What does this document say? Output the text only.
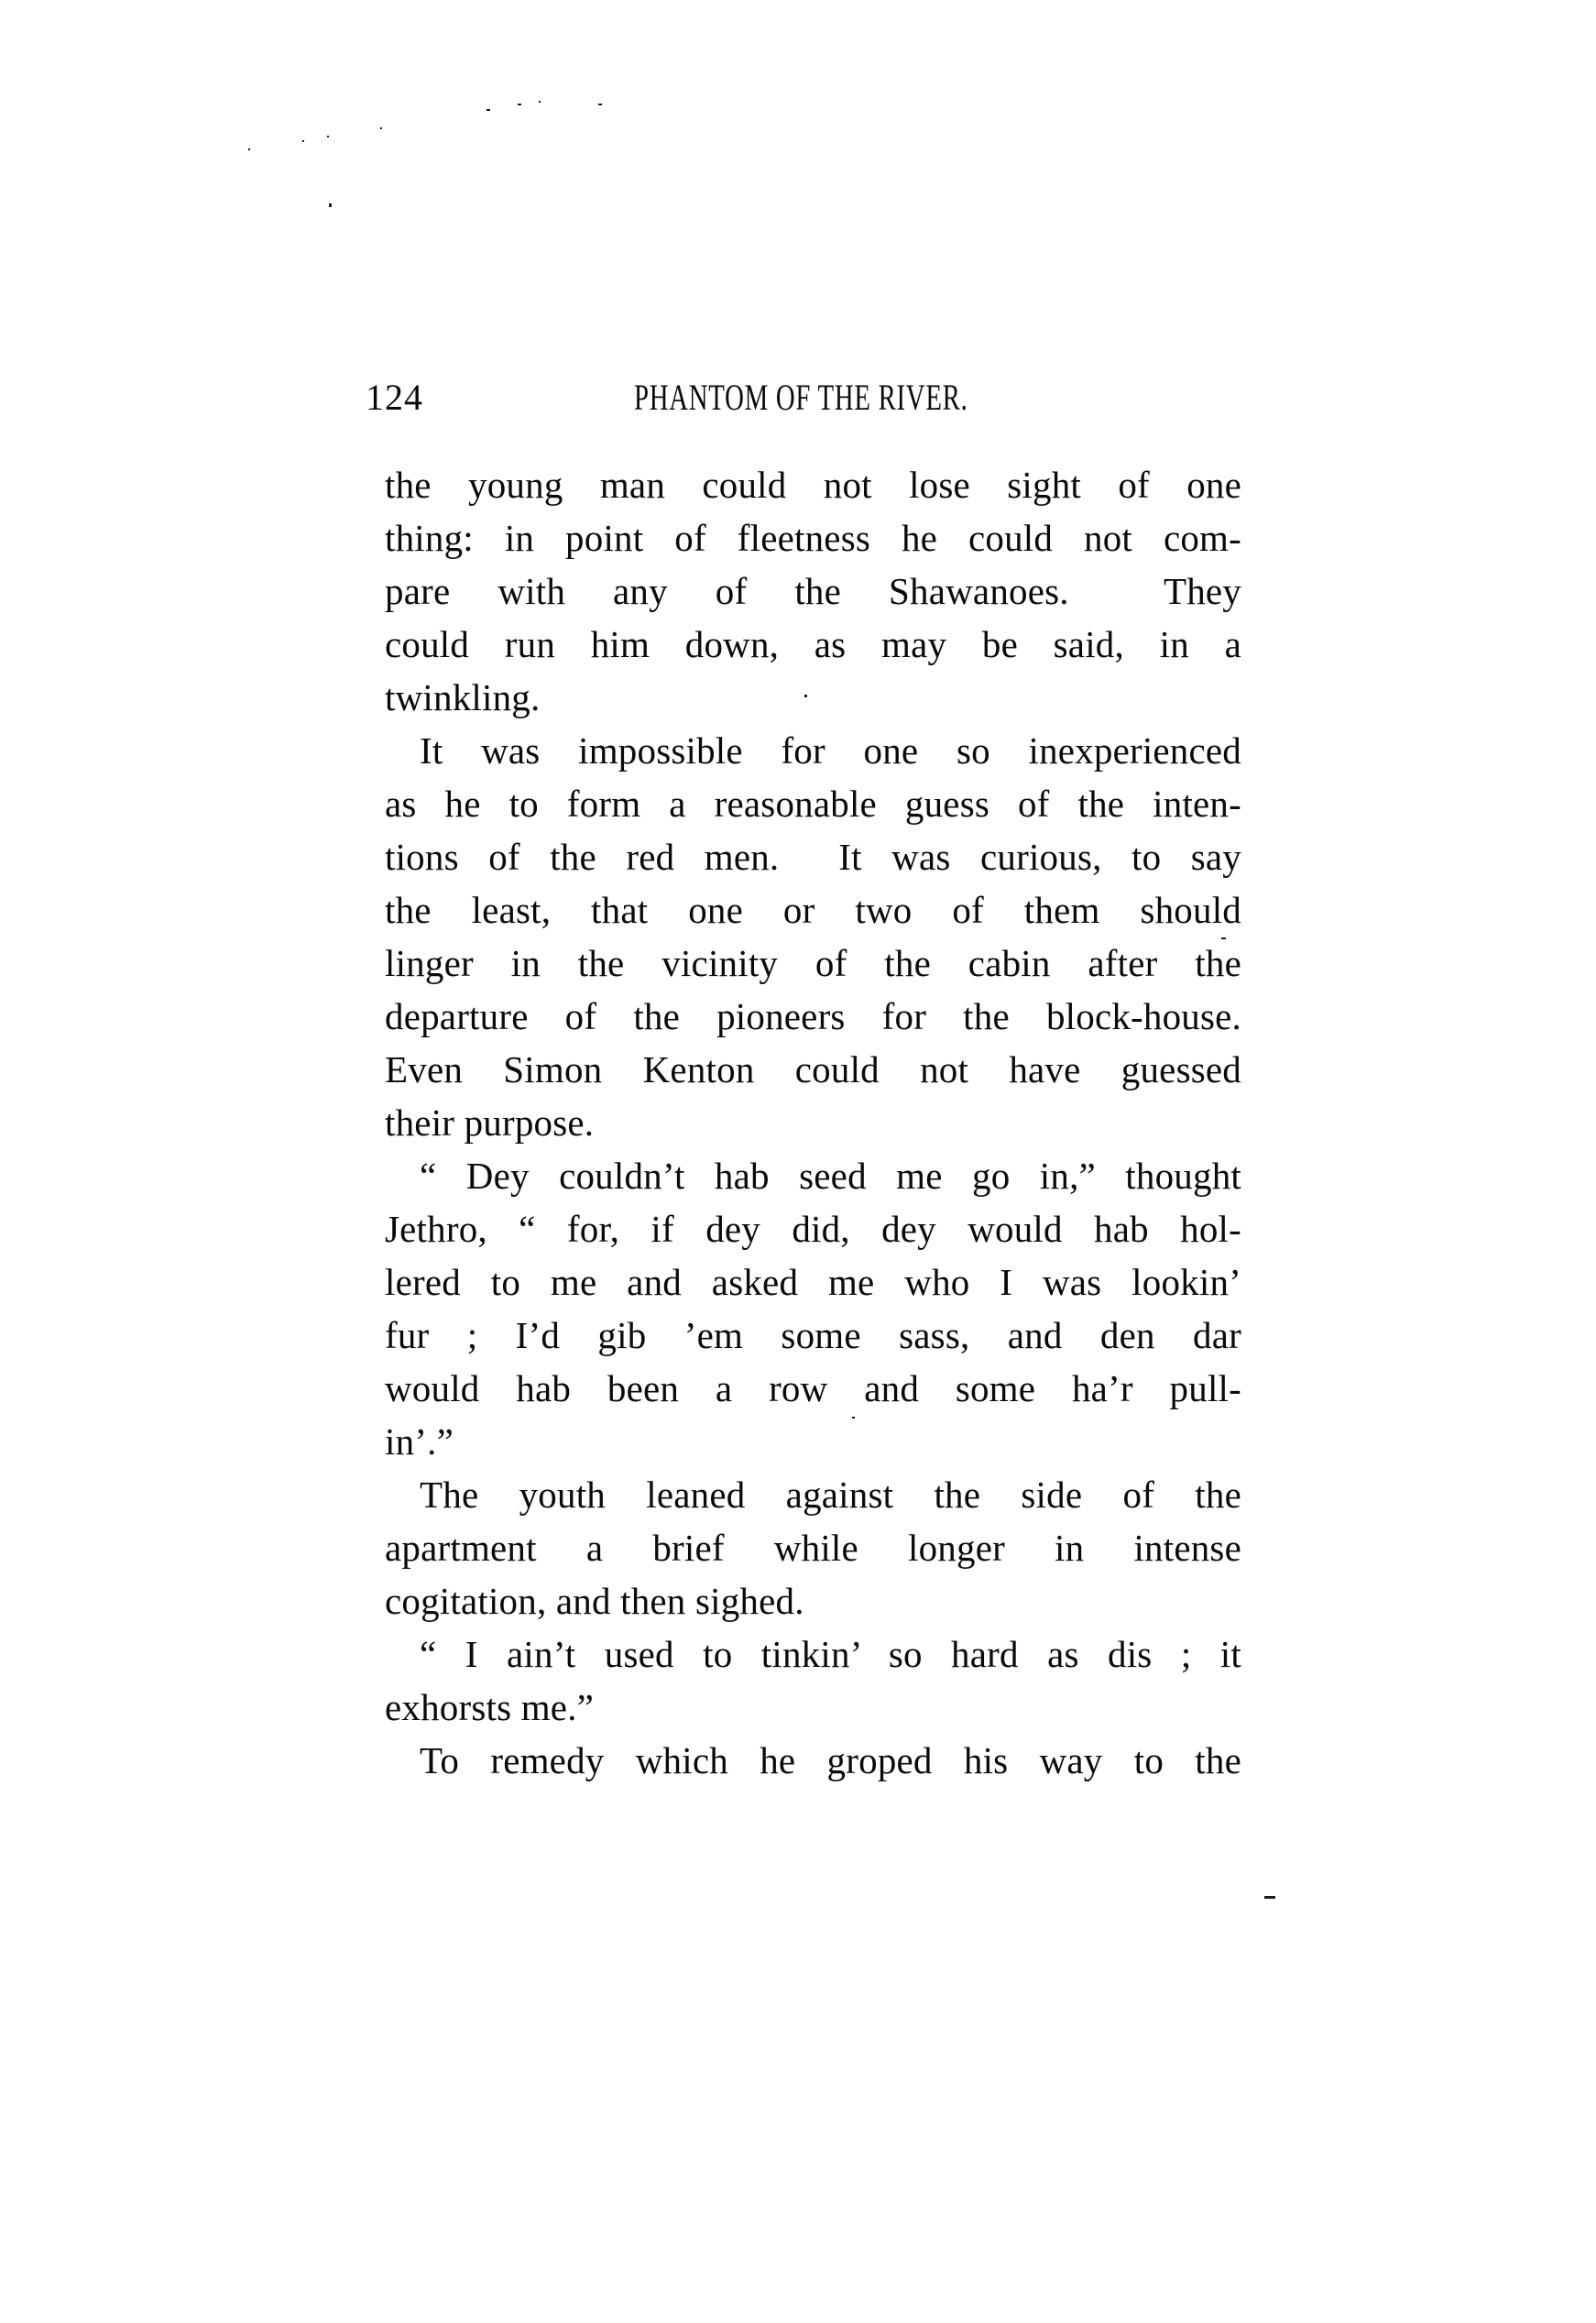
124	PHANTOM OF THE RIVER.
the young man could not lose sight of one
thing: in point of fleetness he could not com-
pare with any of the Shawanoes.  They
could run him down, as may be said, in a
twinkling.
It was impossible for one so inexperienced
as he to form a reasonable guess of the inten-
tions of the red men.  It was curious, to say
the least, that one or two of them should
linger in the vicinity of the cabin after the
departure of the pioneers for the block-house.
Even Simon Kenton could not have guessed
their purpose.
“ Dey couldn’t hab seed me go in,” thought
Jethro, “ for, if dey did, dey would hab hol-
lered to me and asked me who I was lookin’
fur ; I’d gib ’em some sass, and den dar
would hab been a row and some ha’r pull-
in’.”
The youth leaned against the side of the
apartment a brief while longer in intense
cogitation, and then sighed.
“ I ain’t used to tinkin’ so hard as dis ; it
exhorsts me.”
To remedy which he groped his way to the
